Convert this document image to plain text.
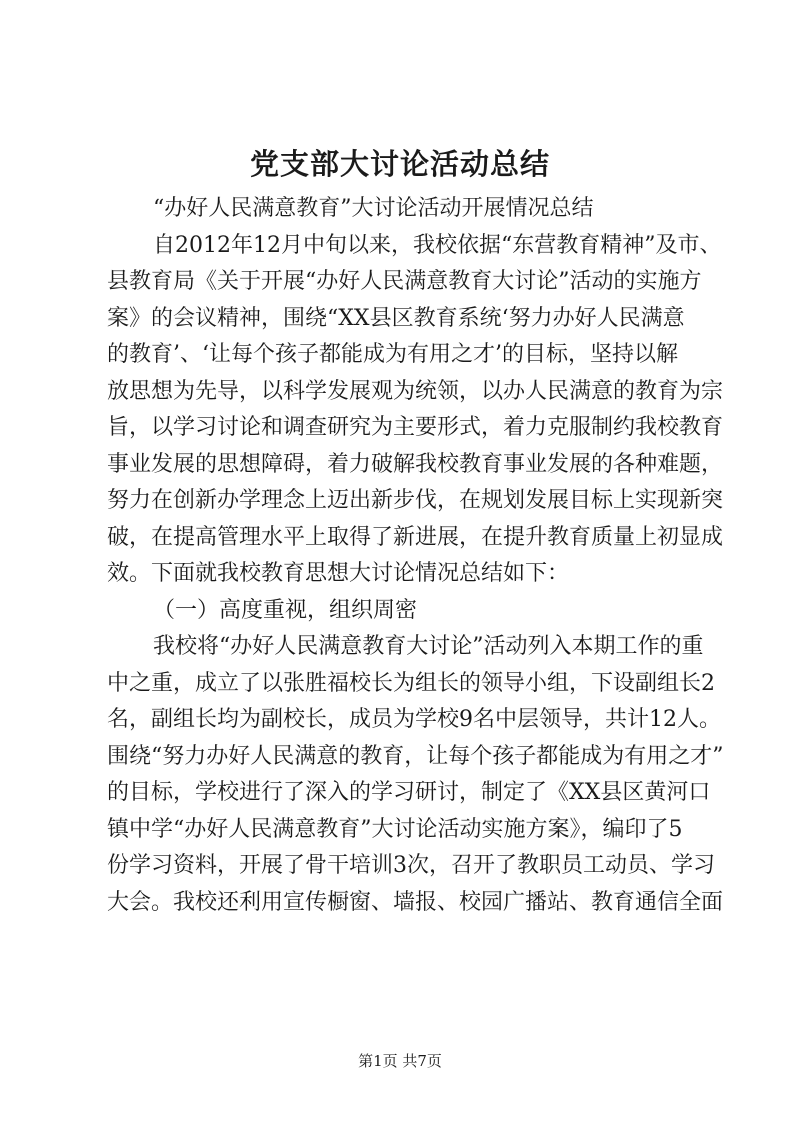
党支部大讨论活动总结

“办好人民满意教育”大讨论活动开展情况总结

自2012年12月中旬以来，我校依据“东营教育精神”及市、

县教育局《关于开展“办好人民满意教育大讨论”活动的实施方

案》的会议精神，围绕“XX县区教育系统‘努力办好人民满意

的教育’、‘让每个孩子都能成为有用之才’的目标，坚持以解

放思想为先导，以科学发展观为统领，以办人民满意的教育为宗

旨，以学习讨论和调查研究为主要形式，着力克服制约我校教育

事业发展的思想障碍，着力破解我校教育事业发展的各种难题，

努力在创新办学理念上迈出新步伐，在规划发展目标上实现新突

破，在提高管理水平上取得了新进展，在提升教育质量上初显成

效。下面就我校教育思想大讨论情况总结如下：

（一）高度重视，组织周密

我校将“办好人民满意教育大讨论”活动列入本期工作的重

中之重，成立了以张胜福校长为组长的领导小组，下设副组长2

名，副组长均为副校长，成员为学校9名中层领导，共计12人。

围绕“努力办好人民满意的教育，让每个孩子都能成为有用之才”

的目标，学校进行了深入的学习研讨，制定了《XX县区黄河口

镇中学“办好人民满意教育”大讨论活动实施方案》，编印了5

份学习资料，开展了骨干培训3次，召开了教职员工动员、学习

大会。我校还利用宣传橱窗、墙报、校园广播站、教育通信全面

第1页 共7页
